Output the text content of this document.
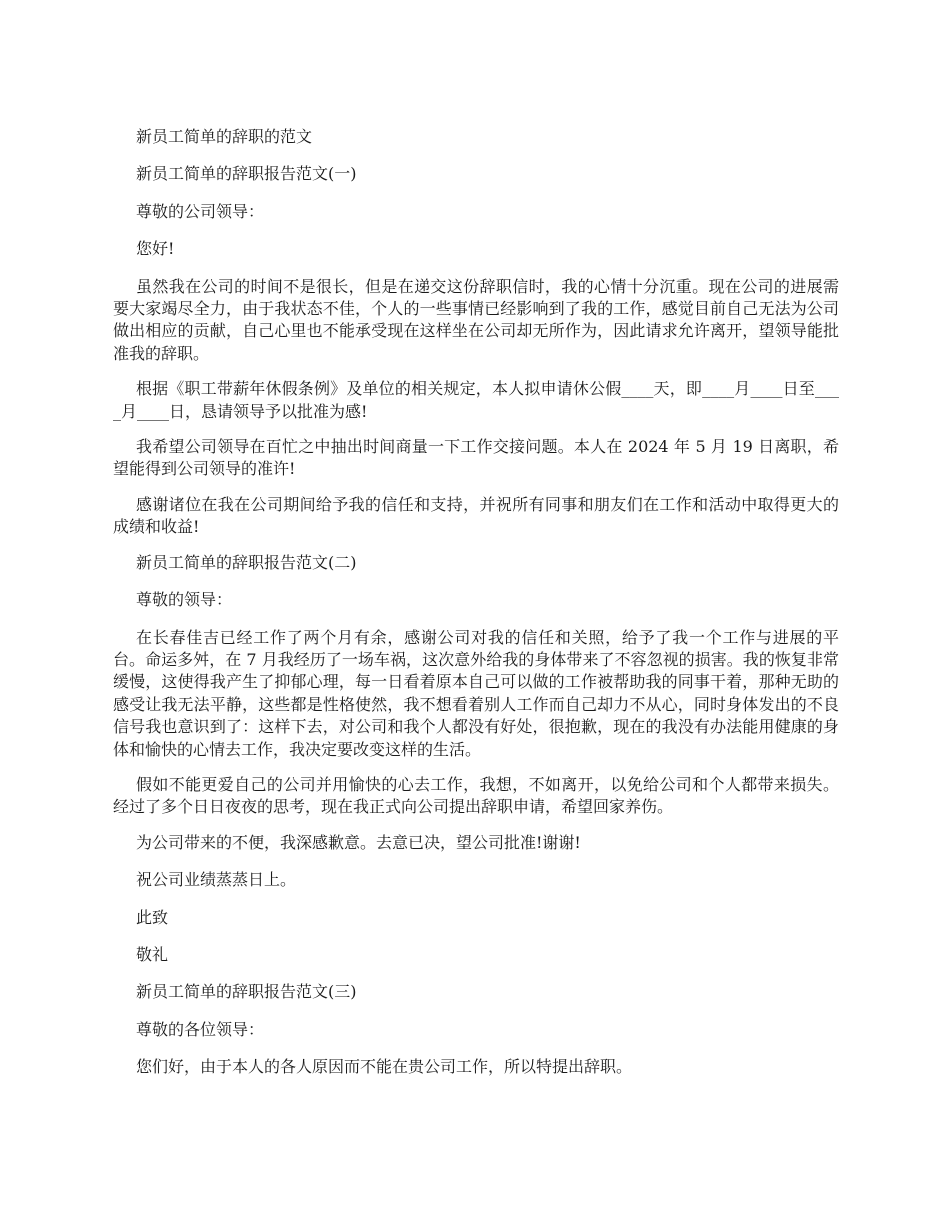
新员工简单的辞职的范文

新员工简单的辞职报告范文(一)

尊敬的公司领导：

您好!

虽然我在公司的时间不是很长，但是在递交这份辞职信时，我的心情十分沉重。现在公司的进展需要大家竭尽全力，由于我状态不佳，个人的一些事情已经影响到了我的工作，感觉目前自己无法为公司做出相应的贡献，自己心里也不能承受现在这样坐在公司却无所作为，因此请求允许离开，望领导能批准我的辞职。

根据《职工带薪年休假条例》及单位的相关规定，本人拟申请休公假____天，即____月____日至____月____日，恳请领导予以批准为感!

我希望公司领导在百忙之中抽出时间商量一下工作交接问题。本人在 2024 年 5 月 19 日离职，希望能得到公司领导的准许!

感谢诸位在我在公司期间给予我的信任和支持，并祝所有同事和朋友们在工作和活动中取得更大的成绩和收益!

新员工简单的辞职报告范文(二)

尊敬的领导：

在长春佳吉已经工作了两个月有余，感谢公司对我的信任和关照，给予了我一个工作与进展的平台。命运多舛，在 7 月我经历了一场车祸，这次意外给我的身体带来了不容忽视的损害。我的恢复非常缓慢，这使得我产生了抑郁心理，每一日看着原本自己可以做的工作被帮助我的同事干着，那种无助的感受让我无法平静，这些都是性格使然，我不想看着别人工作而自己却力不从心，同时身体发出的不良信号我也意识到了：这样下去，对公司和我个人都没有好处，很抱歉，现在的我没有办法能用健康的身体和愉快的心情去工作，我决定要改变这样的生活。

假如不能更爱自己的公司并用愉快的心去工作，我想，不如离开，以免给公司和个人都带来损失。经过了多个日日夜夜的思考，现在我正式向公司提出辞职申请，希望回家养伤。

为公司带来的不便，我深感歉意。去意已决，望公司批准!谢谢!

祝公司业绩蒸蒸日上。

此致

敬礼

新员工简单的辞职报告范文(三)

尊敬的各位领导：

您们好，由于本人的各人原因而不能在贵公司工作，所以特提出辞职。
